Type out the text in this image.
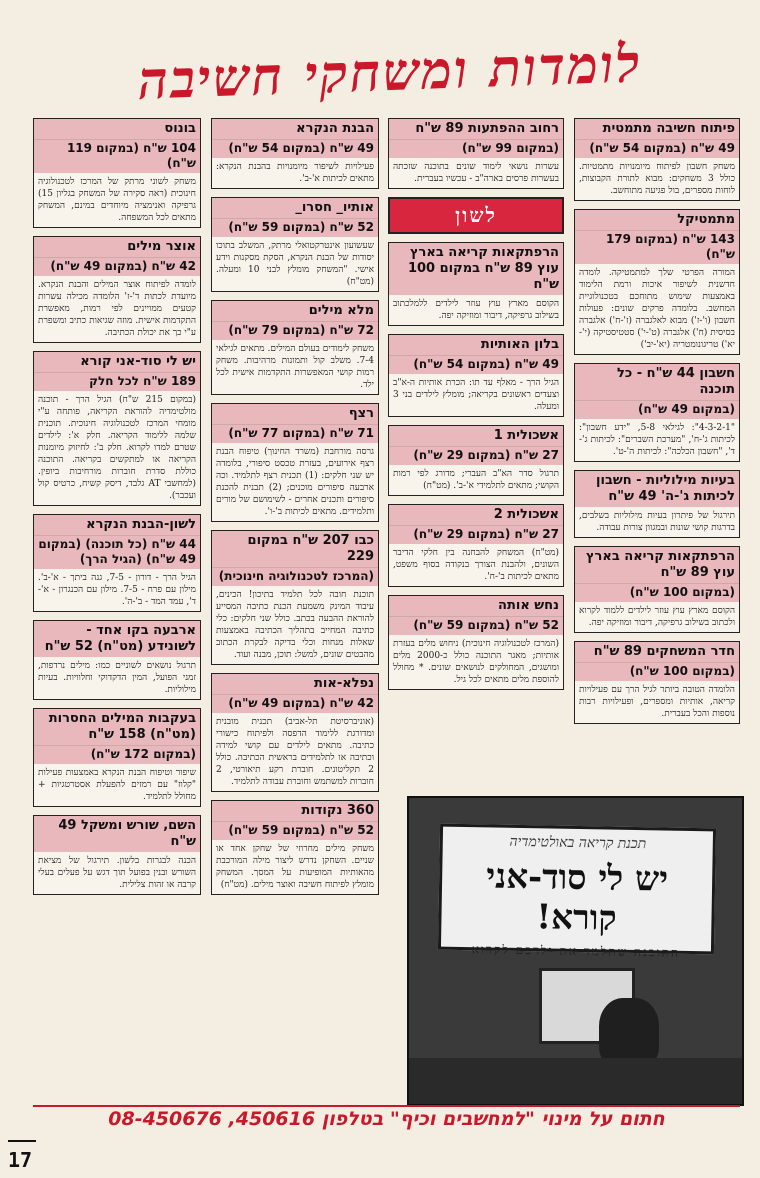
לומדות ומשחקי חשיבה
פיתוח חשיבה מתמטית
49 ש"ח (במקום 54 ש"ח)
משחק חשבון לפיתוח מיומנויות מתמטיות. כולל 3 משחקים: מבוא לתורת הקבוצות, לוחות מספרים, בול פגיעה מתוחשב.
מתמטיקל
143 ש"ח (במקום 179 ש"ח)
המורה הפרטי שלך למתמטיקה. לומדה חדשנית לשיפור איכות ורמת הלימוד באמצעות שימוש מתוחכם בטכנולוגיית המחשב. בלומדה פרקים שונים: פעולות חשבון (ו'-ז') מבוא לאלגברה (ז'-ח') אלגברה בסיסית (ח') אלגברה (ט'-י') סטטיסטיקה (י'-יא') טריגונומטריה (יא'-יב')
חשבון 44 ש"ח - כל תוכנה
(במקום 49 ש"ח)
"4-3-2-1": לגילאי 5-8, "ידע חשבון": לכיתות ג'-ח', "מערכת השברים": לכיתות ג'-ד', "חשבון הכלכה": לכיתות ה'-ט'.
בעיות מילוליות - חשבון לכיתות ג'-ה' 49 ש"ח
תירגול של פיתרון בעיות מילוליות בשלבים, בדרגות קושי שונות ובמגוון צורות עבודה.
הרפתקאות קריאה בארץ עוץ 89 ש"ח
(במקום 100 ש"ח)
הקוסם מארץ עוץ עוזר לילדים ללמוד לקרוא ולכתוב בשילוב גרפיקה, דיבור ומוזיקה יפה.
חדר המשחקים 89 ש"ח
(במקום 100 ש"ח)
הלומדה הטובה ביותר לגיל הרך עם פעילויות קריאה, אותיות ומספרים, ופעילויות רבות נוספות והכל בעברית.
רחוב ההפתעות 89 ש"ח
(במקום 99 ש"ח)
עשרות נושאי לימוד שונים בתוכנה שזכתה בעשרות פרסים בארה"ב - עכשיו בעברית.
לשון
הרפתקאות קריאה בארץ עוץ 89 ש"ח במקום 100 ש"ח
הקוסם מארץ עוץ עוזר לילדים ללמלכתוב בשילוב גרפיקה, דיבור ומוזיקה יפה.
בלון האותיות
49 ש"ח (במקום 54 ש"ח)
הגיל הרך - מאלף עד תו: הכרת אותיות ה-א"ב וצעדים ראשונים בקריאה; מומלץ לילדים בני 3 ומעלה.
אשכולית 1
27 ש"ח (במקום 29 ש"ח)
תרגול סדר הא"ב העברי; מדורג לפי רמות הקושי; מתאים לתלמידי א'-ב'. (מט"ח)
אשכולית 2
27 ש"ח (במקום 29 ש"ח)
(מט"ח) המשחק להבחנה בין חלקי הדיבר השונים, ולהבנת הצורך בנקודה בסוף משפט, מתאים לכיתות ב'-ח'.
נחש אותה
52 ש"ח (במקום 59 ש"ח)
(המרכז לטכנולוגיה חינוכית) ניחוש מלים בעזרת אותיות; מאגר התוכנה כולל כ-2000 מלים ומושגים, המחולקים לנושאים שונים. * מחולל להוספת מלים מתאים לכל גיל.
הבנת הנקרא
49 ש"ח (במקום 54 ש"ח)
פעילויות לשיפור מיומנויות בהבנת הנקרא: מתאים לכיתות א'-ב'.
אותיו_ חסרו_
52 ש"ח (במקום 59 ש"ח)
שעשועון אינטרקטואלי מרתק, המשלב בתוכו יסודות של הבנת הנקרא, הסקת מסקנות וידע אישי. "המשחק מומלץ לבני 10 ומעלה. (מט"ח)
מלא מילים
72 ש"ח (במקום 79 ש"ח)
משחק לימודים בעולם המילים. מתאים לגילאי 7-4. משלב קול ותמונות מרהיבות. משחק רמות קושי המאפשרות התקדמות אישית לכל ילד.
רצף
71 ש"ח (במקום 77 ש"ח)
גרסה מורחבת (משרד החינוך) טיפוח הבנת רצף אירועים, בעזרת טכסט סיפורי, בלומדה יש שני חלקים: (1) תכנית רצף לתלמיד. וכה ארבעה סיפורים מוכנים; (2) תבנית להכנת סיפורים ותכנים אחרים - לשימושם של מורים ותלמידים. מתאים לכיתות ב'-ו'.
כבו 207 ש"ח במקום 229
(המרכז לטכנולוגיה חינוכית)
תוכנת חובה לכל תלמיד בתיכון! הכינים, עיבוד המינק משמעת הכנת כתיבה המסייע להוראת ההבעה בכתב. כולל שני חלקים: כלי כתיבה המחייב בתהליך הכתיבה באמצעות שאלות מנחות וכלי בדיקה לבקרת הכתוב מהבטים שונים, למשל: תוכן, מבנה ועוד.
נפלא-אות
42 ש"ח (במקום 49 ש"ח)
(אוניברסיטת תל-אביב) תכנית מובנית ומדורגת ללימוד הדפסה ולפיתוח כישורי כתיבה. מתאים לילדים עם קושי למידה וכתיבה או לתלמידים בראשית הכתיבה. כולל 2 תקליטונים. חוברת רקע תיאורטי, 2 חוברות למשתמש וחוברת עבודה לתלמיד.
360 נקודות
52 ש"ח (במקום 59 ש"ח)
משחק מילים מחרוזי של שחקן אחד או שניים. השחקן נדרש ליצור מילה המורכבת מהאותיות המופיעות על המסך. המשחק מומלץ לפיתוח חשיבה ואוצר מילים. (מט"ח)
בונוס
104 ש"ח (במקום 119 ש"ח)
משחק לשוני מרתק של המרכז לטכנולוגיה חינוכית (ראה סקירה של המשחק בגליון 15) גרפיקה ואנימציה מיוחדים במינם, המשחק מתאים לכל המשפחה.
אוצר מילים
42 ש"ח (במקום 49 ש"ח)
לומדה לפיתוח אוצר המילים והבנת הנקרא. מיועדת לכתות ד'-ז' הלומדה מכילה עשרות קטעים ממויינים לפי רמות, מאפשרת התקדמות אישית. מוזה שגיאות כתיב ומשפרת ע"י כך את יכולת הכתיבה.
יש לי סוד-אני קורא
189 ש"ח לכל חלק
(במקום 215 ש"ח) הגיל הרך - תוכנה מולטימדיה להוראת הקריאה, פותחה ע"י מומחי המרכז לטכנולוגיה חינוכית. תוכנית שלמה ללימוד הקריאה. חלק א': לילדים שטרם למדו לקרוא. חלק ב': לחיזוק מיומנות הקריאה או למתקשים בקריאה. התוכנה כוללת סדרת חוברות מורחיבות ביופין. (למחשבי AT גלבד, דיסק קשיח, כרטיס קול ועכבר).
לשון-הבנת הנקרא
44 ש"ח (כל תוכנה) (במקום 49 ש"ח) (הגיל הרך)
הגיל הרך - דורון - 7-5, גנה ביתך - א'-ב'. מילון עם פרח - 7-5. מילון עם הכנגרון - א'-ד', עמד המד - ב'-ה'.
ארבעה בקו אחד - לשונידע (מט"ח) 52 ש"ח
תרגול נושאים לשוניים כמו: מילים נרדפות, זמני הפועל, המין הדקדוקי וחלוויות. בעיות מילוליות.
בעקבות המילים החסרות (מט"ח) 158 ש"ח
(במקום 172 ש"ח)
שיפור וטיפוח הבנת הנקרא באמצעות פעילות "קלוז" עם רמזים להפעלת אסטרטגיות + מחולל לתלמיד.
השם, שורש ומשקל 49 ש"ח
הכנה לבגרות בלשון. תירגול של מציאת השורש ובנין בפועל תוך דגש על פעלים בעלי קרבה או זהות צלילית.
תכנת קריאה באולטימדיה
יש לי סוד-אני קורא!
התוכנה שתלמד את ילדכם לקרוא
חתום על מינוי "למחשבים וכיף" בטלפון 450616, 08-450676
17
